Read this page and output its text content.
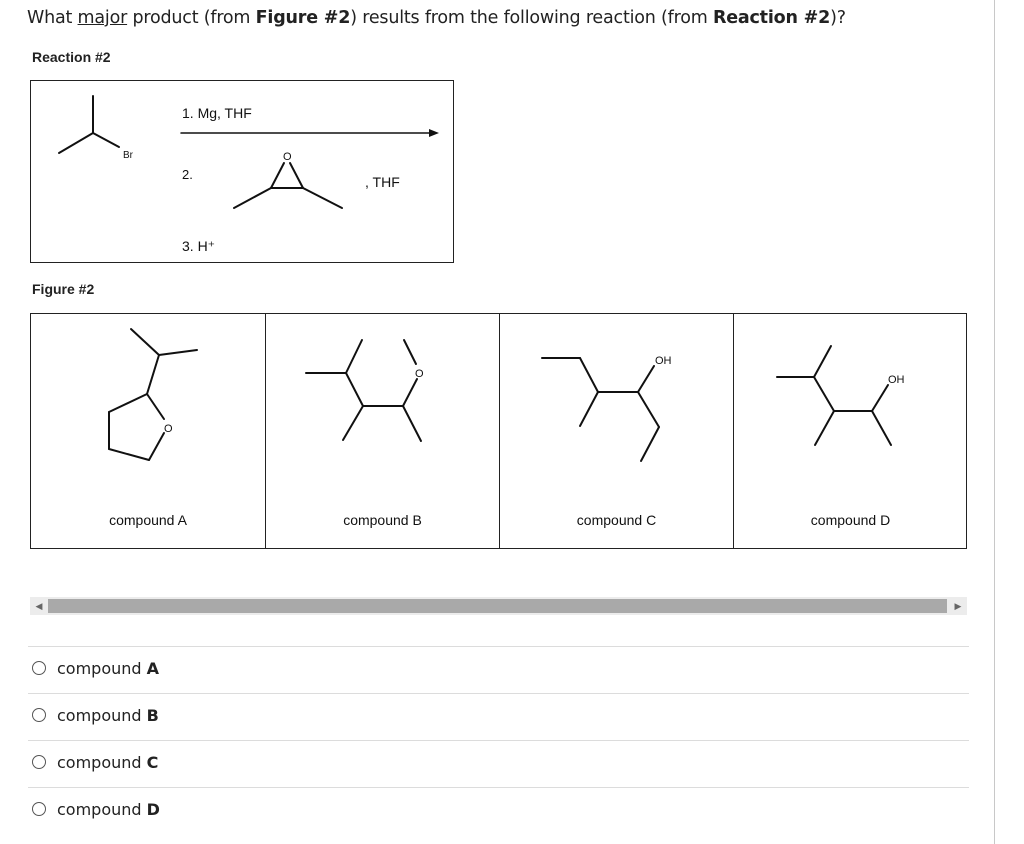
What major product (from Figure #2) results from the following reaction (from Reaction #2)?
Reaction #2
Br
1. Mg, THF
2.
O
, THF
3. H⁺
Figure #2
O
compound A
O
compound B
OH
compound C
OH
compound D
◀	▶
compound A
compound B
compound C
compound D
